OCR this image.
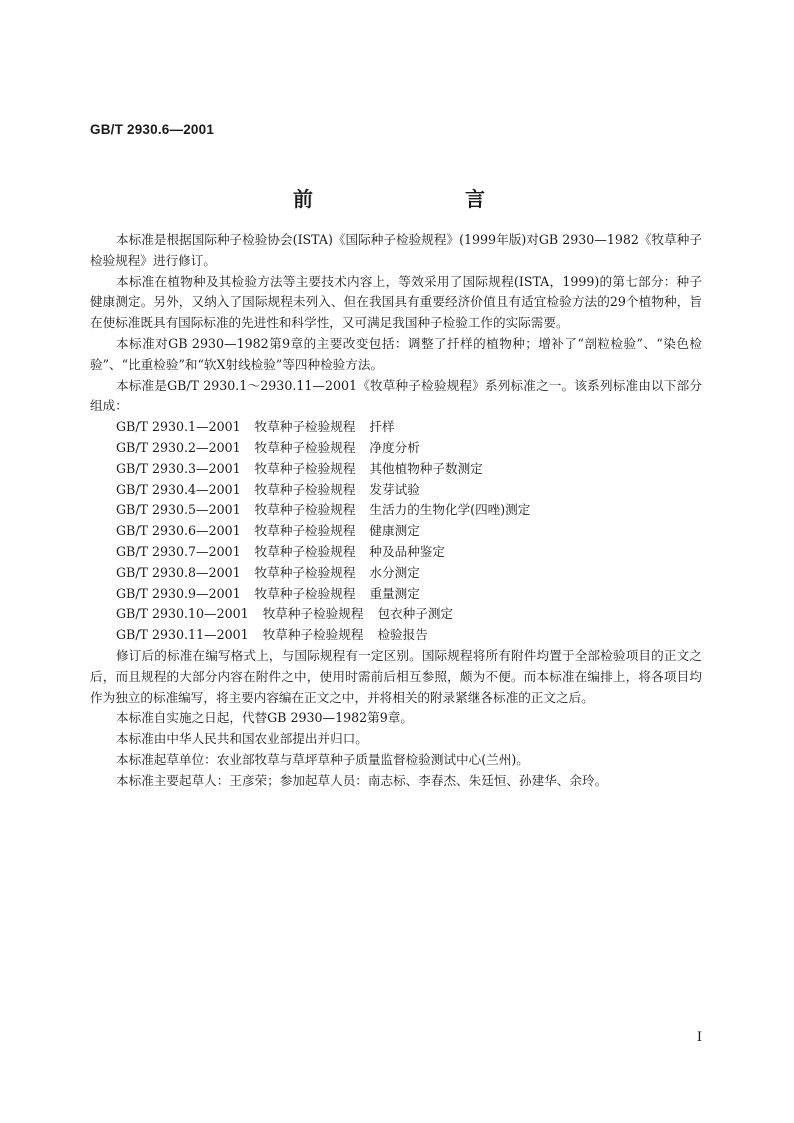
GB/T 2930.6—2001
前　言

本标准是根据国际种子检验协会(ISTA)《国际种子检验规程》(1999年版)对GB 2930—1982《牧草种子检验规程》进行修订。

本标准在植物种及其检验方法等主要技术内容上，等效采用了国际规程(ISTA，1999)的第七部分：种子健康测定。另外，又纳入了国际规程未列入、但在我国具有重要经济价值且有适宜检验方法的29个植物种，旨在使标准既具有国际标准的先进性和科学性，又可满足我国种子检验工作的实际需要。

本标准对GB 2930—1982第9章的主要改变包括：调整了扦样的植物种；增补了“剖粒检验”、“染色检验”、“比重检验”和“软X射线检验”等四种检验方法。

本标准是GB/T 2930.1～2930.11—2001《牧草种子检验规程》系列标准之一。该系列标准由以下部分组成：

GB/T 2930.1—2001 牧草种子检验规程 扦样
GB/T 2930.2—2001 牧草种子检验规程 净度分析
GB/T 2930.3—2001 牧草种子检验规程 其他植物种子数测定
GB/T 2930.4—2001 牧草种子检验规程 发芽试验
GB/T 2930.5—2001 牧草种子检验规程 生活力的生物化学(四唑)测定
GB/T 2930.6—2001 牧草种子检验规程 健康测定
GB/T 2930.7—2001 牧草种子检验规程 种及品种鉴定
GB/T 2930.8—2001 牧草种子检验规程 水分测定
GB/T 2930.9—2001 牧草种子检验规程 重量测定
GB/T 2930.10—2001 牧草种子检验规程 包衣种子测定
GB/T 2930.11—2001 牧草种子检验规程 检验报告

修订后的标准在编写格式上，与国际规程有一定区别。国际规程将所有附件均置于全部检验项目的正文之后，而且规程的大部分内容在附件之中，使用时需前后相互参照，颇为不便。而本标准在编排上，将各项目均作为独立的标准编写，将主要内容编在正文之中，并将相关的附录紧继各标准的正文之后。

本标准自实施之日起，代替GB 2930—1982第9章。

本标准由中华人民共和国农业部提出并归口。

本标准起草单位：农业部牧草与草坪草种子质量监督检验测试中心(兰州)。

本标准主要起草人：王彦荣；参加起草人员：南志标、李春杰、朱廷恒、孙建华、余玲。

I
